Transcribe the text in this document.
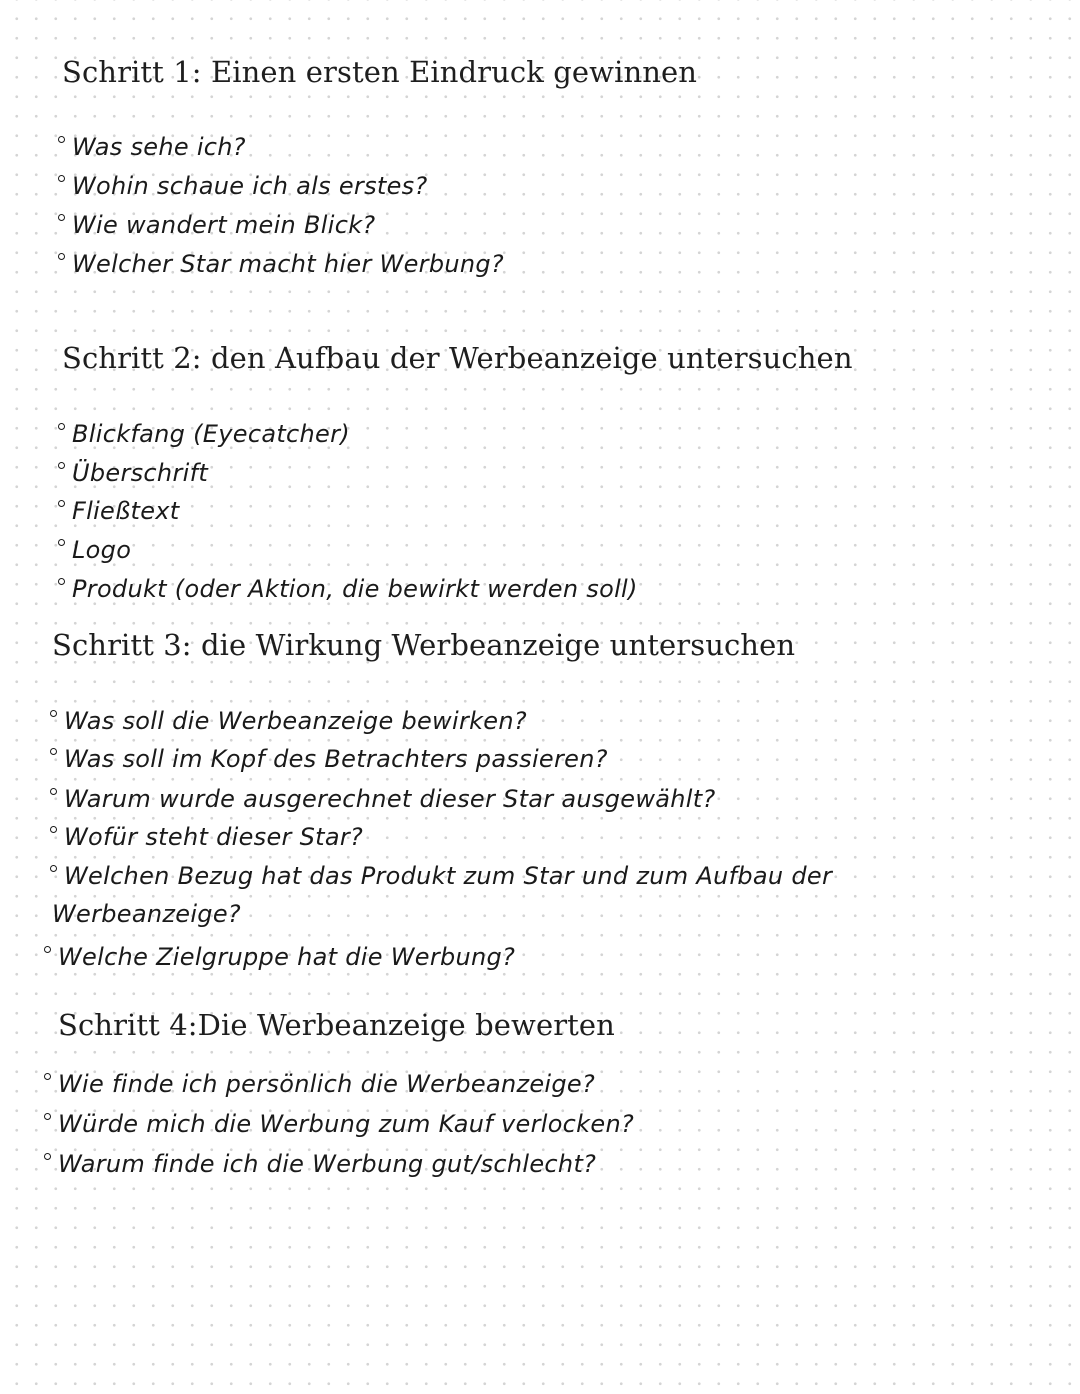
Schritt 1: Einen ersten Eindruck gewinnen
Was sehe ich?
Wohin schaue ich als erstes?
Wie wandert mein Blick?
Welcher Star macht hier Werbung?
Schritt 2: den Aufbau der Werbeanzeige untersuchen
Blickfang (Eyecatcher)
Überschrift
Fließtext
Logo
Produkt (oder Aktion, die bewirkt werden soll)
Schritt 3: die Wirkung Werbeanzeige untersuchen
Was soll die Werbeanzeige bewirken?
Was soll im Kopf des Betrachters passieren?
Warum wurde ausgerechnet dieser Star ausgewählt?
Wofür steht dieser Star?
Welchen Bezug hat das Produkt zum Star und zum Aufbau der
Werbeanzeige?
Welche Zielgruppe hat die Werbung?
Schritt 4:Die Werbeanzeige bewerten
Wie finde ich persönlich die Werbeanzeige?
Würde mich die Werbung zum Kauf verlocken?
Warum finde ich die Werbung gut/schlecht?
